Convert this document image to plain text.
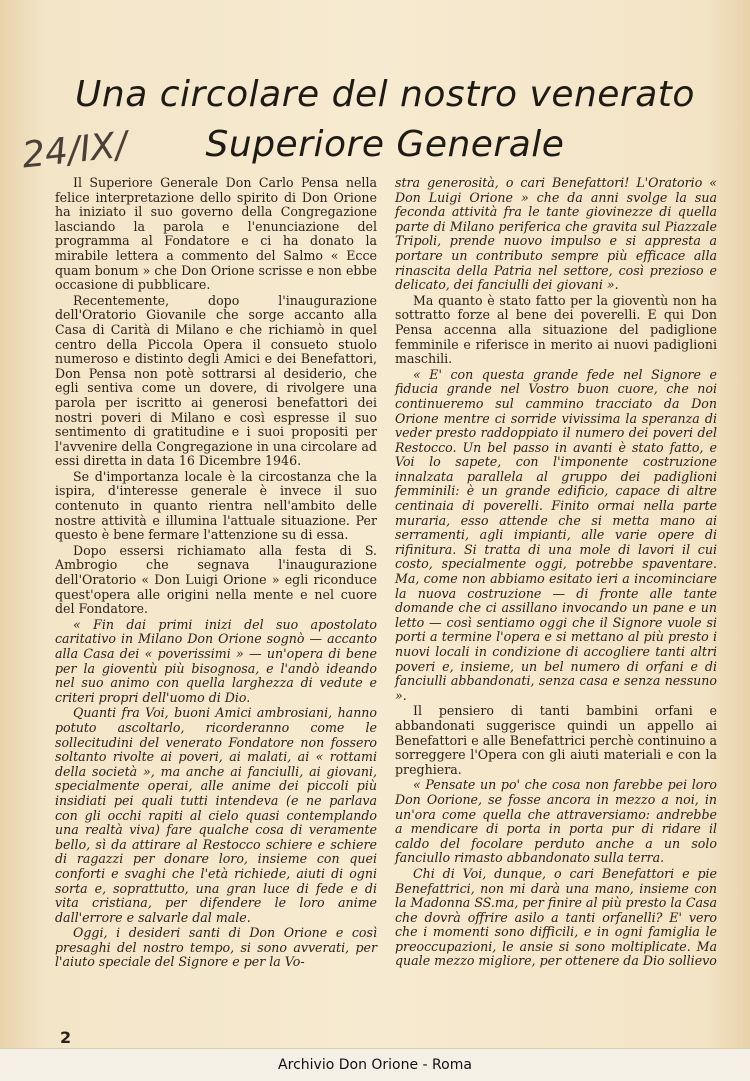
Una circolare del nostro venerato
Superiore Generale
24/IX/

Il Superiore Generale Don Carlo Pensa nella felice interpretazione dello spirito di Don Orione ha iniziato il suo governo della Congregazione lasciando la parola e l'enunciazione del programma al Fondatore e ci ha donato la mirabile lettera a commento del Salmo « Ecce quam bonum » che Don Orione scrisse e non ebbe occasione di pubblicare.

Recentemente, dopo l'inaugurazione dell'Oratorio Giovanile che sorge accanto alla Casa di Carità di Milano e che richiamò in quel centro della Piccola Opera il consueto stuolo numeroso e distinto degli Amici e dei Benefattori, Don Pensa non potè sottrarsi al desiderio, che egli sentiva come un dovere, di rivolgere una parola per iscritto ai generosi benefattori dei nostri poveri di Milano e così espresse il suo sentimento di gratitudine e i suoi propositi per l'avvenire della Congregazione in una circolare ad essi diretta in data 16 Dicembre 1946.

Se d'importanza locale è la circostanza che la ispira, d'interesse generale è invece il suo contenuto in quanto rientra nell'ambito delle nostre attività e illumina l'attuale situazione. Per questo è bene fermare l'attenzione su di essa.

Dopo essersi richiamato alla festa di S. Ambrogio che segnava l'inaugurazione dell'Oratorio « Don Luigi Orione » egli riconduce quest'opera alle origini nella mente e nel cuore del Fondatore.

« Fin dai primi inizi del suo apostolato caritativo in Milano Don Orione sognò — accanto alla Casa dei « poverissimi » — un'opera di bene per la gioventù più bisognosa, e l'andò ideando nel suo animo con quella larghezza di vedute e criteri propri dell'uomo di Dio.

Quanti fra Voi, buoni Amici ambrosiani, hanno potuto ascoltarlo, ricorderanno come le sollecitudini del venerato Fondatore non fossero soltanto rivolte ai poveri, ai malati, ai « rottami della società », ma anche ai fanciulli, ai giovani, specialmente operai, alle anime dei piccoli più insidiati pei quali tutti intendeva (e ne parlava con gli occhi rapiti al cielo quasi contemplando una realtà viva) fare qualche cosa di veramente bello, sì da attirare al Restocco schiere e schiere di ragazzi per donare loro, insieme con quei conforti e svaghi che l'età richiede, aiuti di ogni sorta e, soprattutto, una gran luce di fede e di vita cristiana, per difendere le loro anime dall'errore e salvarle dal male.

Oggi, i desideri santi di Don Orione e così presaghi del nostro tempo, si sono avverati, per l'aiuto speciale del Signore e per la Vo-

stra generosità, o cari Benefattori! L'Oratorio « Don Luigi Orione » che da anni svolge la sua feconda attività fra le tante giovinezze di quella parte di Milano periferica che gravita sul Piazzale Tripoli, prende nuovo impulso e si appresta a portare un contributo sempre più efficace alla rinascita della Patria nel settore, così prezioso e delicato, dei fanciulli dei giovani ».

Ma quanto è stato fatto per la gioventù non ha sottratto forze al bene dei poverelli. E qui Don Pensa accenna alla situazione del padiglione femminile e riferisce in merito ai nuovi padiglioni maschili.

« E' con questa grande fede nel Signore e fiducia grande nel Vostro buon cuore, che noi continueremo sul cammino tracciato da Don Orione mentre ci sorride vivissima la speranza di veder presto raddoppiato il numero dei poveri del Restocco. Un bel passo in avanti è stato fatto, e Voi lo sapete, con l'imponente costruzione innalzata parallela al gruppo dei padiglioni femminili: è un grande edificio, capace di altre centinaia di poverelli. Finito ormai nella parte muraria, esso attende che si metta mano ai serramenti, agli impianti, alle varie opere di rifinitura. Si tratta di una mole di lavori il cui costo, specialmente oggi, potrebbe spaventare. Ma, come non abbiamo esitato ieri a incominciare la nuova costruzione — di fronte alle tante domande che ci assillano invocando un pane e un letto — così sentiamo oggi che il Signore vuole si porti a termine l'opera e si mettano al più presto i nuovi locali in condizione di accogliere tanti altri poveri e, insieme, un bel numero di orfani e di fanciulli abbandonati, senza casa e senza nessuno ».

Il pensiero di tanti bambini orfani e abbandonati suggerisce quindi un appello ai Benefattori e alle Benefattrici perchè continuino a sorreggere l'Opera con gli aiuti materiali e con la preghiera.

« Pensate un po' che cosa non farebbe pei loro Don Oorione, se fosse ancora in mezzo a noi, in un'ora come quella che attraversiamo: andrebbe a mendicare di porta in porta pur di ridare il caldo del focolare perduto anche a un solo fanciullo rimasto abbandonato sulla terra.

Chi di Voi, dunque, o cari Benefattori e pie Benefattrici, non mi darà una mano, insieme con la Madonna SS.ma, per finire al più presto la Casa che dovrà offrire asilo a tanti orfanelli? E' vero che i momenti sono difficili, e in ogni famiglia le preoccupazioni, le ansie si sono moltiplicate. Ma quale mezzo migliore, per ottenere da Dio sollievo

2
Archivio Don Orione - Roma
